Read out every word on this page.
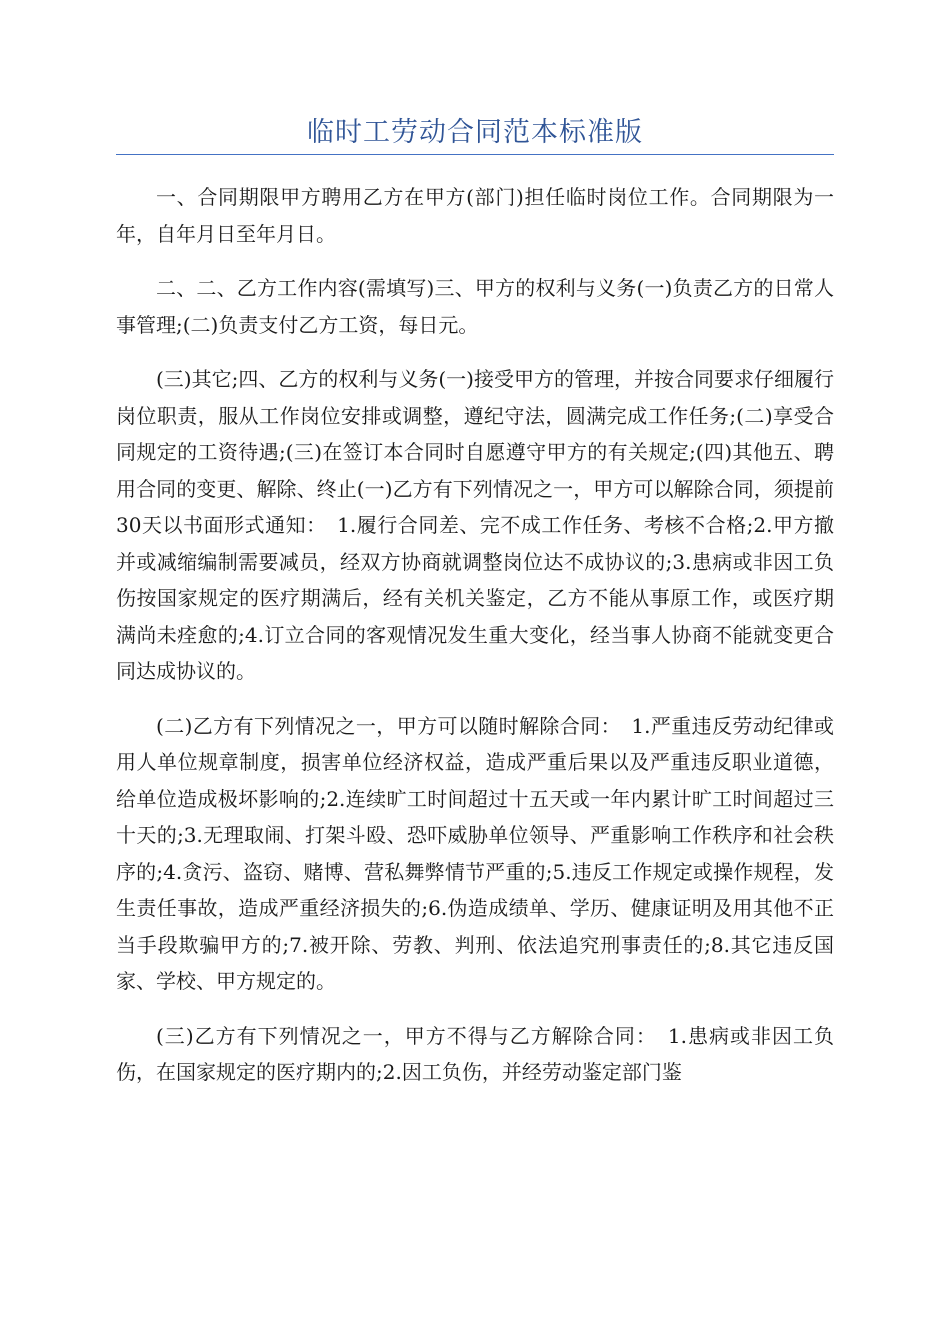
临时工劳动合同范本标准版

一、合同期限甲方聘用乙方在甲方(部门)担任临时岗位工作。合同期限为一年，自年月日至年月日。

二、二、乙方工作内容(需填写)三、甲方的权利与义务(一)负责乙方的日常人事管理;(二)负责支付乙方工资，每日元。

(三)其它;四、乙方的权利与义务(一)接受甲方的管理，并按合同要求仔细履行岗位职责，服从工作岗位安排或调整，遵纪守法，圆满完成工作任务;(二)享受合同规定的工资待遇;(三)在签订本合同时自愿遵守甲方的有关规定;(四)其他五、聘用合同的变更、解除、终止(一)乙方有下列情况之一，甲方可以解除合同，须提前30天以书面形式通知：　1.履行合同差、完不成工作任务、考核不合格;2.甲方撤并或减缩编制需要减员，经双方协商就调整岗位达不成协议的;3.患病或非因工负伤按国家规定的医疗期满后，经有关机关鉴定，乙方不能从事原工作，或医疗期满尚未痊愈的;4.订立合同的客观情况发生重大变化，经当事人协商不能就变更合同达成协议的。

(二)乙方有下列情况之一，甲方可以随时解除合同：　1.严重违反劳动纪律或用人单位规章制度，损害单位经济权益，造成严重后果以及严重违反职业道德，给单位造成极坏影响的;2.连续旷工时间超过十五天或一年内累计旷工时间超过三十天的;3.无理取闹、打架斗殴、恐吓威胁单位领导、严重影响工作秩序和社会秩序的;4.贪污、盗窃、赌博、营私舞弊情节严重的;5.违反工作规定或操作规程，发生责任事故，造成严重经济损失的;6.伪造成绩单、学历、健康证明及用其他不正当手段欺骗甲方的;7.被开除、劳教、判刑、依法追究刑事责任的;8.其它违反国家、学校、甲方规定的。

(三)乙方有下列情况之一，甲方不得与乙方解除合同：　1.患病或非因工负伤，在国家规定的医疗期内的;2.因工负伤，并经劳动鉴定部门鉴
